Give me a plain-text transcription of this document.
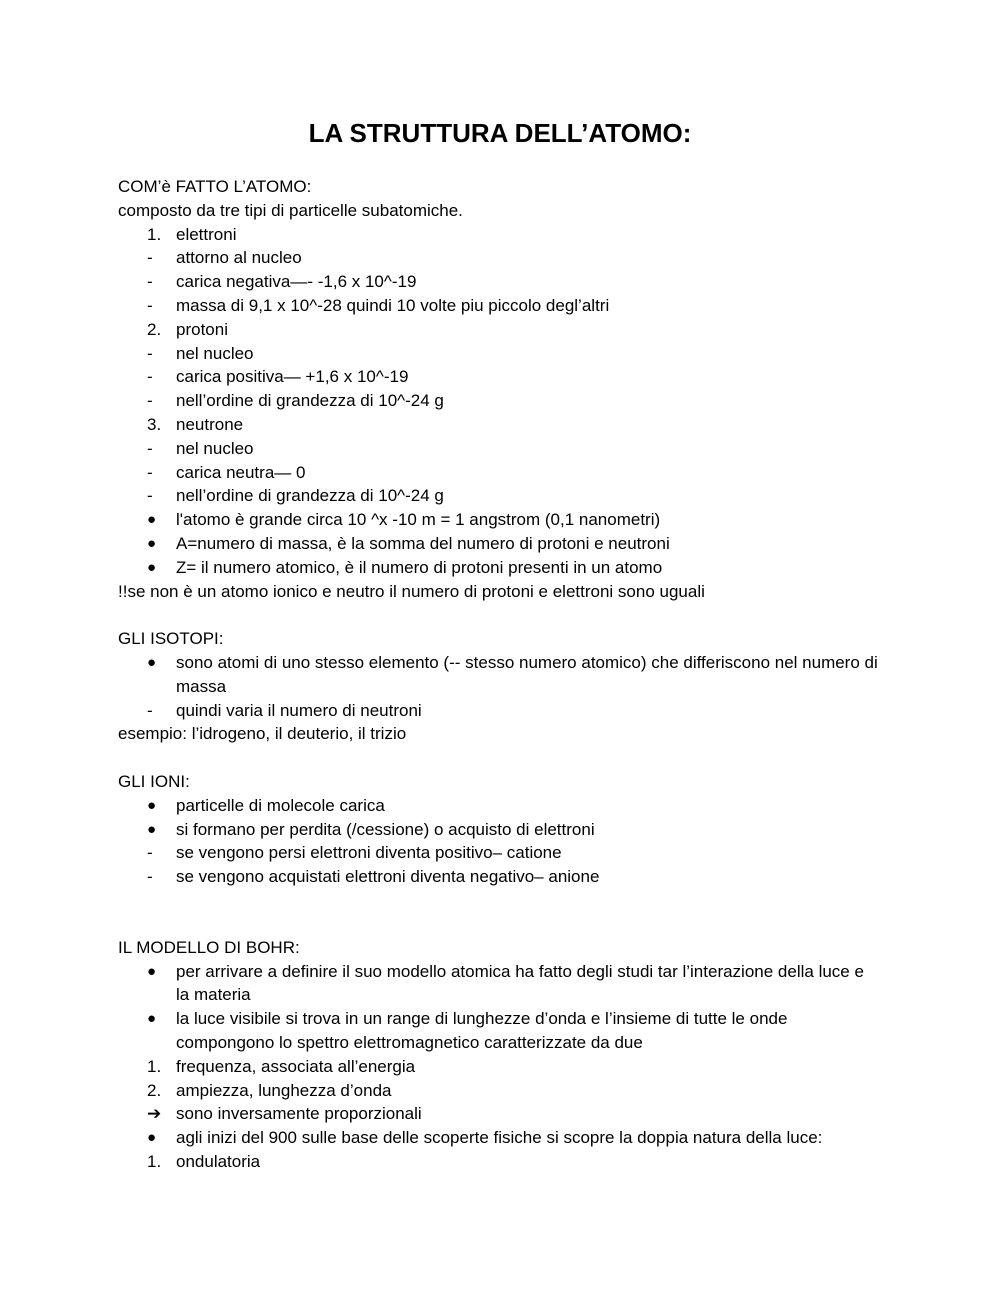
LA STRUTTURA DELL’ATOMO:
COM’è FATTO L’ATOMO:
composto da tre tipi di particelle subatomiche.
1. elettroni
-	attorno al nucleo
-	carica negativa—- -1,6 x 10^-19
-	massa di 9,1 x 10^-28 quindi 10 volte piu piccolo degl’altri
2. protoni
-	nel nucleo
-	carica positiva— +1,6 x 10^-19
-	nell’ordine di grandezza di 10^-24 g
3. neutrone
-	nel nucleo
-	carica neutra— 0
-	nell’ordine di grandezza di 10^-24 g
●	l'atomo è grande circa 10 ^x -10 m = 1 angstrom (0,1 nanometri)
●	A=numero di massa, è la somma del numero di protoni e neutroni
●	Z= il numero atomico, è il numero di protoni presenti in un atomo
!!se non è un atomo ionico e neutro il numero di protoni e elettroni sono uguali
GLI ISOTOPI:
●	sono atomi di uno stesso elemento (-- stesso numero atomico) che differiscono nel numero di massa
-	quindi varia il numero di neutroni
esempio: l’idrogeno, il deuterio, il trizio
GLI IONI:
●	particelle di molecole carica
●	si formano per perdita (/cessione) o acquisto di elettroni
-	se vengono persi elettroni diventa positivo– catione
-	se vengono acquistati elettroni diventa negativo– anione
IL MODELLO DI BOHR:
●	per arrivare a definire il suo modello atomica ha fatto degli studi tar l’interazione della luce e la materia
●	la luce visibile si trova in un range di lunghezze d’onda e l’insieme di tutte le onde compongono lo spettro elettromagnetico caratterizzate da due
1. frequenza, associata all’energia
2. ampiezza, lunghezza d’onda
➔ sono inversamente proporzionali
●	agli inizi del 900 sulle base delle scoperte fisiche si scopre la doppia natura della luce:
1. ondulatoria
